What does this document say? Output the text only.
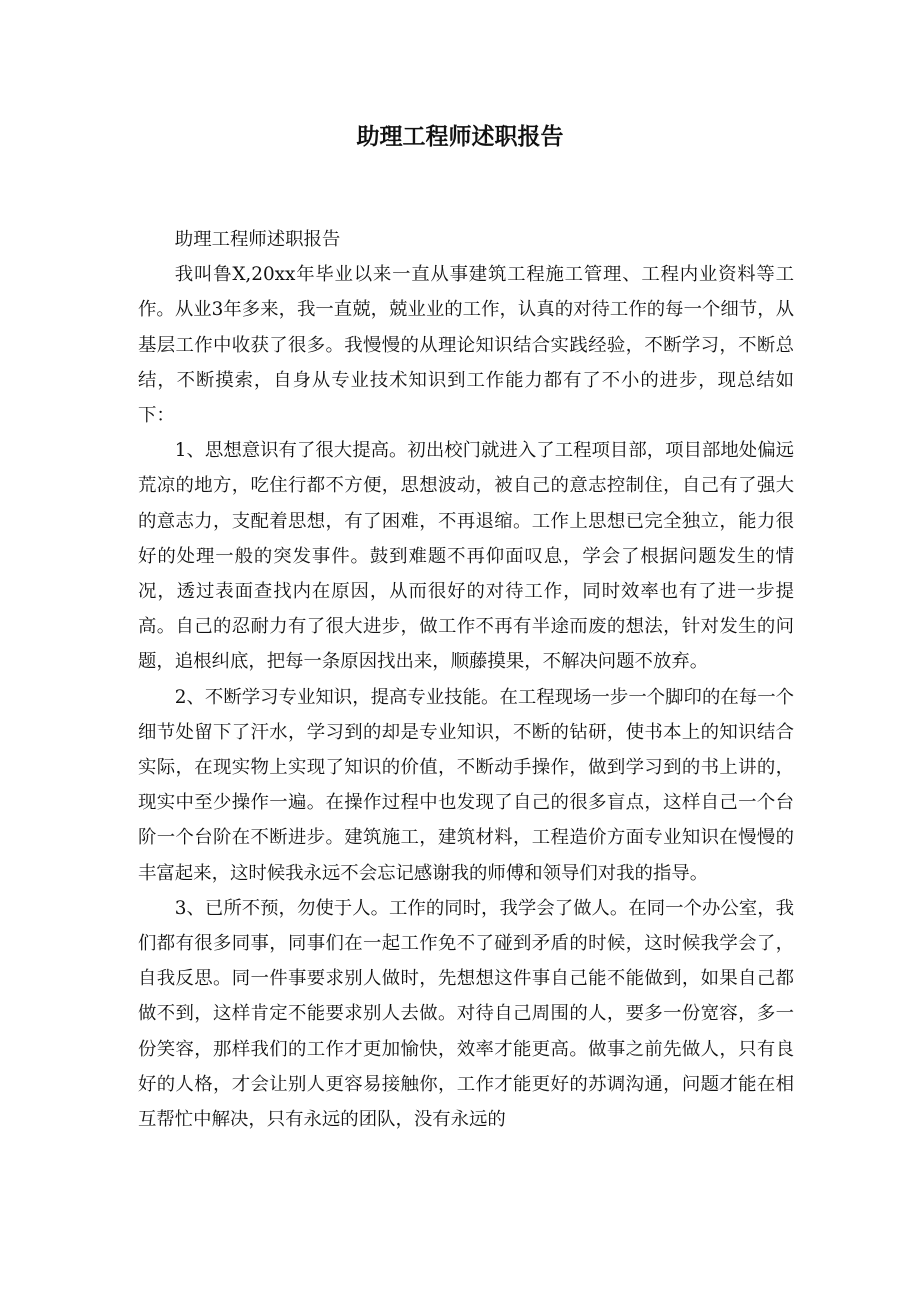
助理工程师述职报告

助理工程师述职报告

我叫鲁X,20xx年毕业以来一直从事建筑工程施工管理、工程内业资料等工作。从业3年多来，我一直兢，兢业业的工作，认真的对待工作的每一个细节，从基层工作中收获了很多。我慢慢的从理论知识结合实践经验，不断学习，不断总结，不断摸索，自身从专业技术知识到工作能力都有了不小的进步，现总结如下：

1、思想意识有了很大提高。初出校门就进入了工程项目部，项目部地处偏远荒凉的地方，吃住行都不方便，思想波动，被自己的意志控制住，自己有了强大的意志力，支配着思想，有了困难，不再退缩。工作上思想已完全独立，能力很好的处理一般的突发事件。鼓到难题不再仰面叹息，学会了根据问题发生的情况，透过表面查找内在原因，从而很好的对待工作，同时效率也有了进一步提高。自己的忍耐力有了很大进步，做工作不再有半途而废的想法，针对发生的问题，追根纠底，把每一条原因找出来，顺藤摸果，不解决问题不放弃。

2、不断学习专业知识，提高专业技能。在工程现场一步一个脚印的在每一个细节处留下了汗水，学习到的却是专业知识，不断的钻研，使书本上的知识结合实际，在现实物上实现了知识的价值，不断动手操作，做到学习到的书上讲的，现实中至少操作一遍。在操作过程中也发现了自己的很多盲点，这样自己一个台阶一个台阶在不断进步。建筑施工，建筑材料，工程造价方面专业知识在慢慢的丰富起来，这时候我永远不会忘记感谢我的师傅和领导们对我的指导。

3、已所不预，勿使于人。工作的同时，我学会了做人。在同一个办公室，我们都有很多同事，同事们在一起工作免不了碰到矛盾的时候，这时候我学会了，自我反思。同一件事要求别人做时，先想想这件事自己能不能做到，如果自己都做不到，这样肯定不能要求别人去做。对待自己周围的人，要多一份宽容，多一份笑容，那样我们的工作才更加愉快，效率才能更高。做事之前先做人，只有良好的人格，才会让别人更容易接触你，工作才能更好的苏调沟通，问题才能在相互帮忙中解决，只有永远的团队，没有永远的
